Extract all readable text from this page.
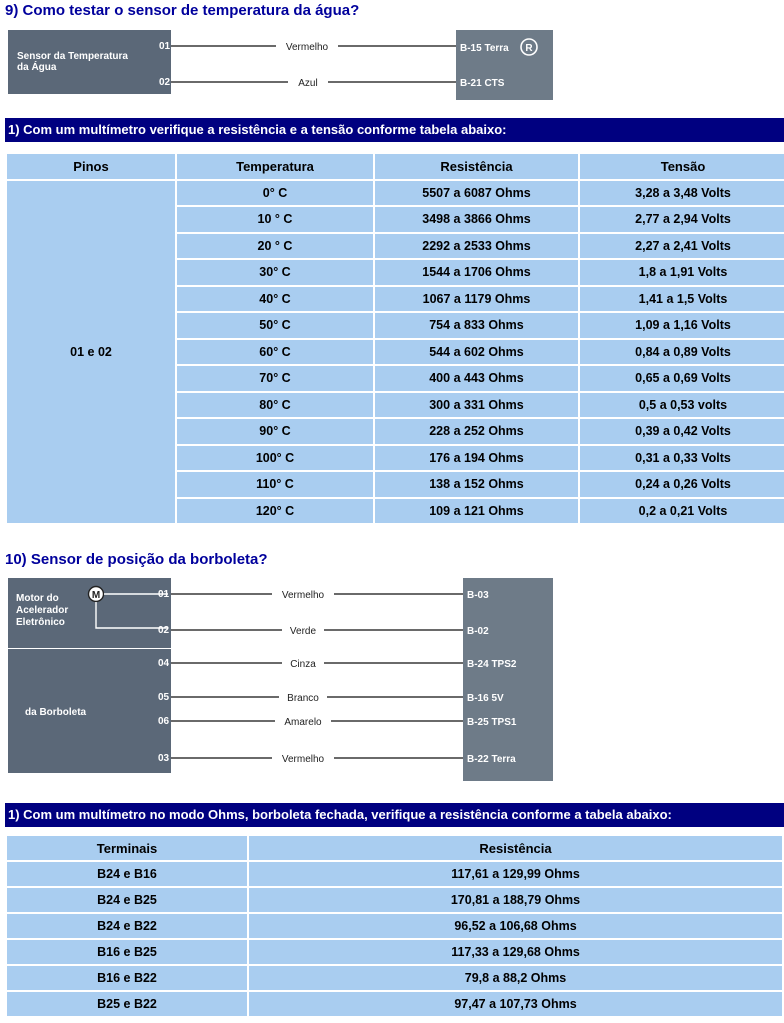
9) Como testar o sensor de temperatura da água?
Sensor da Temperatura
da Água
01
02
Vermelho
Azul
B-15 Terra R
B-21 CTS
1) Com um multímetro verifique a resistência e a tensão conforme tabela abaixo:
Pinos	Temperatura	Resistência	Tensão
01 e 02	0° C	5507 a 6087 Ohms	3,28 a 3,48 Volts
	10 ° C	3498 a 3866 Ohms	2,77 a 2,94 Volts
	20 ° C	2292 a 2533 Ohms	2,27 a 2,41 Volts
	30° C	1544 a 1706 Ohms	1,8 a 1,91 Volts
	40° C	1067 a 1179 Ohms	1,41 a 1,5 Volts
	50° C	754 a 833 Ohms	1,09 a 1,16 Volts
	60° C	544 a 602 Ohms	0,84 a 0,89 Volts
	70° C	400 a 443 Ohms	0,65 a 0,69 Volts
	80° C	300 a 331 Ohms	0,5 a 0,53 volts
	90° C	228 a 252 Ohms	0,39 a 0,42 Volts
	100° C	176 a 194 Ohms	0,31 a 0,33 Volts
	110° C	138 a 152 Ohms	0,24 a 0,26 Volts
	120° C	109 a 121 Ohms	0,2 a 0,21 Volts
10) Sensor de posição da borboleta?
Motor do
Acelerador
Eletrônico
M
da Borboleta
01
02
04
05
06
03
Vermelho
Verde
Cinza
Branco
Amarelo
Vermelho
B-03
B-02
B-24 TPS2
B-16 5V
B-25 TPS1
B-22 Terra
1) Com um multímetro no modo Ohms, borboleta fechada, verifique a resistência conforme a tabela abaixo:
Terminais	Resistência
B24 e B16	117,61 a 129,99 Ohms
B24 e B25	170,81 a 188,79 Ohms
B24 e B22	96,52 a 106,68 Ohms
B16 e B25	117,33 a 129,68 Ohms
B16 e B22	79,8 a 88,2 Ohms
B25 e B22	97,47 a 107,73 Ohms
